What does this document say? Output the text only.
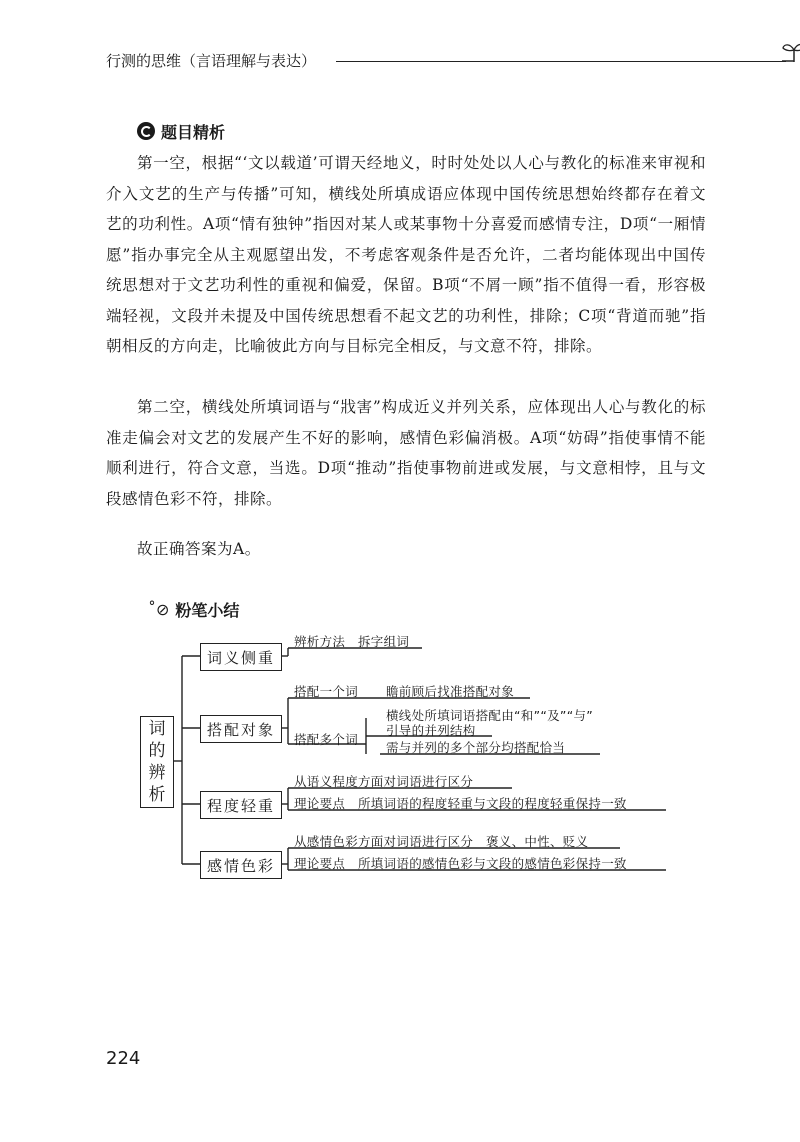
行测的思维（言语理解与表达）
题目精析

第一空，根据“‘文以载道’可谓天经地义，时时处处以人心与教化的标准来审视和介入文艺的生产与传播”可知，横线处所填成语应体现中国传统思想始终都存在着文艺的功利性。A项“情有独钟”指因对某人或某事物十分喜爱而感情专注，D项“一厢情愿”指办事完全从主观愿望出发，不考虑客观条件是否允许，二者均能体现出中国传统思想对于文艺功利性的重视和偏爱，保留。B项“不屑一顾”指不值得一看，形容极端轻视，文段并未提及中国传统思想看不起文艺的功利性，排除；C项“背道而驰”指朝相反的方向走，比喻彼此方向与目标完全相反，与文意不符，排除。

第二空，横线处所填词语与“戕害”构成近义并列关系，应体现出人心与教化的标准走偏会对文艺的发展产生不好的影响，感情色彩偏消极。A项“妨碍”指使事情不能顺利进行，符合文意，当选。D项“推动”指使事物前进或发展，与文意相悖，且与文段感情色彩不符，排除。

故正确答案为A。

˚⊘ 粉笔小结
词
的
辨
析
词义侧重
搭配对象
程度轻重
感情色彩
辨析方法　拆字组词
搭配一个词 瞻前顾后找准搭配对象
搭配多个词
横线处所填词语搭配由“和”“及”“与”
引导的并列结构
需与并列的多个部分均搭配恰当
从语义程度方面对词语进行区分
理论要点　所填词语的程度轻重与文段的程度轻重保持一致
从感情色彩方面对词语进行区分　褒义、中性、贬义
理论要点　所填词语的感情色彩与文段的感情色彩保持一致
224
